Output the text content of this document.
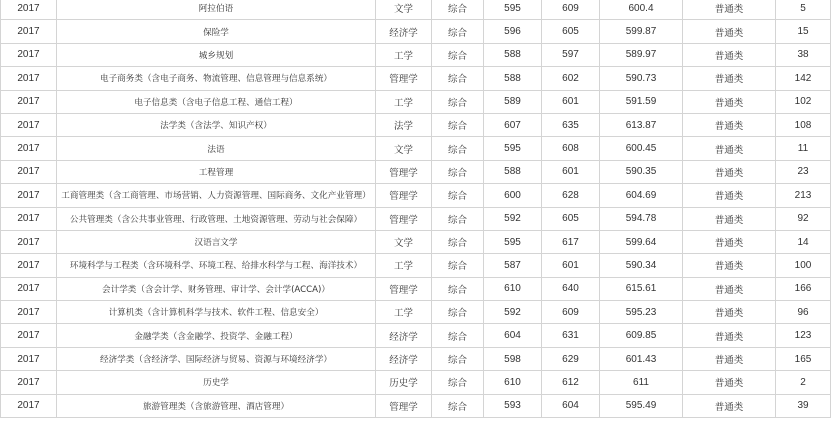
2017	阿拉伯语	文学	综合	595	609	600.4	普通类	5
2017	保险学	经济学	综合	596	605	599.87	普通类	15
2017	城乡规划	工学	综合	588	597	589.97	普通类	38
2017	电子商务类（含电子商务、物流管理、信息管理与信息系统）	管理学	综合	588	602	590.73	普通类	142
2017	电子信息类（含电子信息工程、通信工程）	工学	综合	589	601	591.59	普通类	102
2017	法学类（含法学、知识产权）	法学	综合	607	635	613.87	普通类	108
2017	法语	文学	综合	595	608	600.45	普通类	11
2017	工程管理	管理学	综合	588	601	590.35	普通类	23
2017	工商管理类（含工商管理、市场营销、人力资源管理、国际商务、文化产业管理）	管理学	综合	600	628	604.69	普通类	213
2017	公共管理类（含公共事业管理、行政管理、土地资源管理、劳动与社会保障）	管理学	综合	592	605	594.78	普通类	92
2017	汉语言文学	文学	综合	595	617	599.64	普通类	14
2017	环境科学与工程类（含环境科学、环境工程、给排水科学与工程、海洋技术）	工学	综合	587	601	590.34	普通类	100
2017	会计学类（含会计学、财务管理、审计学、会计学(ACCA)）	管理学	综合	610	640	615.61	普通类	166
2017	计算机类（含计算机科学与技术、软件工程、信息安全）	工学	综合	592	609	595.23	普通类	96
2017	金融学类（含金融学、投资学、金融工程）	经济学	综合	604	631	609.85	普通类	123
2017	经济学类（含经济学、国际经济与贸易、资源与环境经济学）	经济学	综合	598	629	601.43	普通类	165
2017	历史学	历史学	综合	610	612	611	普通类	2
2017	旅游管理类（含旅游管理、酒店管理）	管理学	综合	593	604	595.49	普通类	39
